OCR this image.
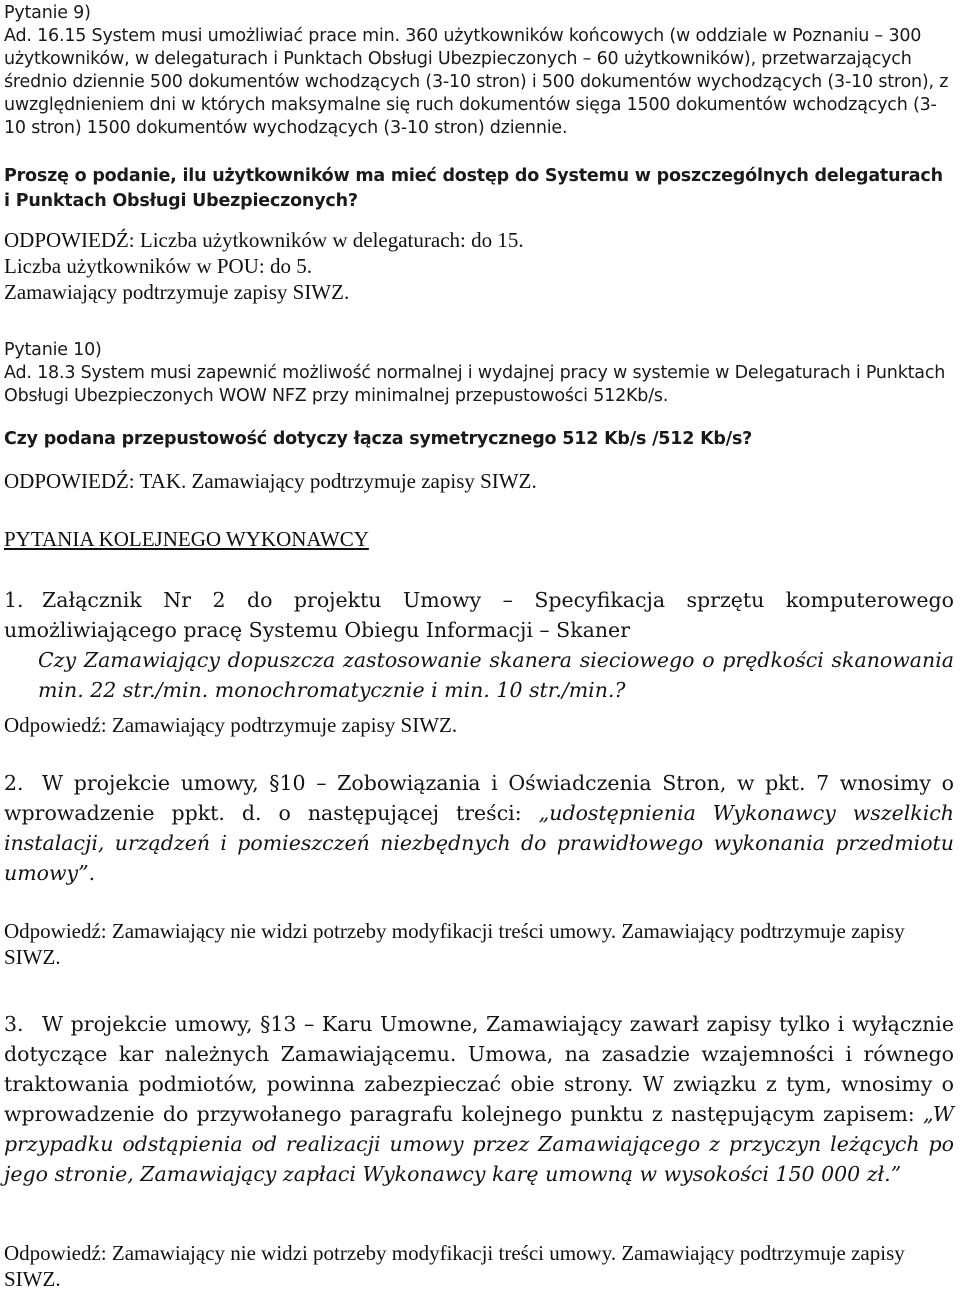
Pytanie 9)
Ad. 16.15 System musi umożliwiać prace min. 360 użytkowników końcowych (w oddziale w Poznaniu – 300 użytkowników, w delegaturach i Punktach Obsługi Ubezpieczonych – 60 użytkowników), przetwarzających średnio dziennie 500 dokumentów wchodzących (3-10 stron) i 500 dokumentów wychodzących (3-10 stron), z uwzględnieniem dni w których maksymalne się ruch dokumentów sięga 1500 dokumentów wchodzących (3-10 stron) 1500 dokumentów wychodzących (3-10 stron) dziennie.
Proszę o podanie, ilu użytkowników ma mieć dostęp do Systemu w poszczególnych delegaturach i Punktach Obsługi Ubezpieczonych?
ODPOWIEDŹ: Liczba użytkowników w delegaturach: do 15.
Liczba użytkowników w POU: do 5.
Zamawiający podtrzymuje zapisy SIWZ.
Pytanie 10)
Ad. 18.3 System musi zapewnić możliwość normalnej i wydajnej pracy w systemie w Delegaturach i Punktach Obsługi Ubezpieczonych WOW NFZ przy minimalnej przepustowości 512Kb/s.
Czy podana przepustowość dotyczy łącza symetrycznego 512 Kb/s /512 Kb/s?
ODPOWIEDŹ: TAK. Zamawiający podtrzymuje zapisy SIWZ.
PYTANIA KOLEJNEGO WYKONAWCY
1. Załącznik Nr 2 do projektu Umowy – Specyfikacja sprzętu komputerowego umożliwiającego pracę Systemu Obiegu Informacji – Skaner
Czy Zamawiający dopuszcza zastosowanie skanera sieciowego o prędkości skanowania min. 22 str./min. monochromatycznie i min. 10 str./min.?
Odpowiedź: Zamawiający podtrzymuje zapisy SIWZ.
2. W projekcie umowy, §10 – Zobowiązania i Oświadczenia Stron, w pkt. 7 wnosimy o wprowadzenie ppkt. d. o następującej treści: „udostępnienia Wykonawcy wszelkich instalacji, urządzeń i pomieszczeń niezbędnych do prawidłowego wykonania przedmiotu umowy”.
Odpowiedź: Zamawiający nie widzi potrzeby modyfikacji treści umowy. Zamawiający podtrzymuje zapisy SIWZ.
3. W projekcie umowy, §13 – Karu Umowne, Zamawiający zawarł zapisy tylko i wyłącznie dotyczące kar należnych Zamawiającemu. Umowa, na zasadzie wzajemności i równego traktowania podmiotów, powinna zabezpieczać obie strony. W związku z tym, wnosimy o wprowadzenie do przywołanego paragrafu kolejnego punktu z następującym zapisem: „W przypadku odstąpienia od realizacji umowy przez Zamawiającego z przyczyn leżących po jego stronie, Zamawiający zapłaci Wykonawcy karę umowną w wysokości 150 000 zł.”
Odpowiedź: Zamawiający nie widzi potrzeby modyfikacji treści umowy. Zamawiający podtrzymuje zapisy SIWZ.
